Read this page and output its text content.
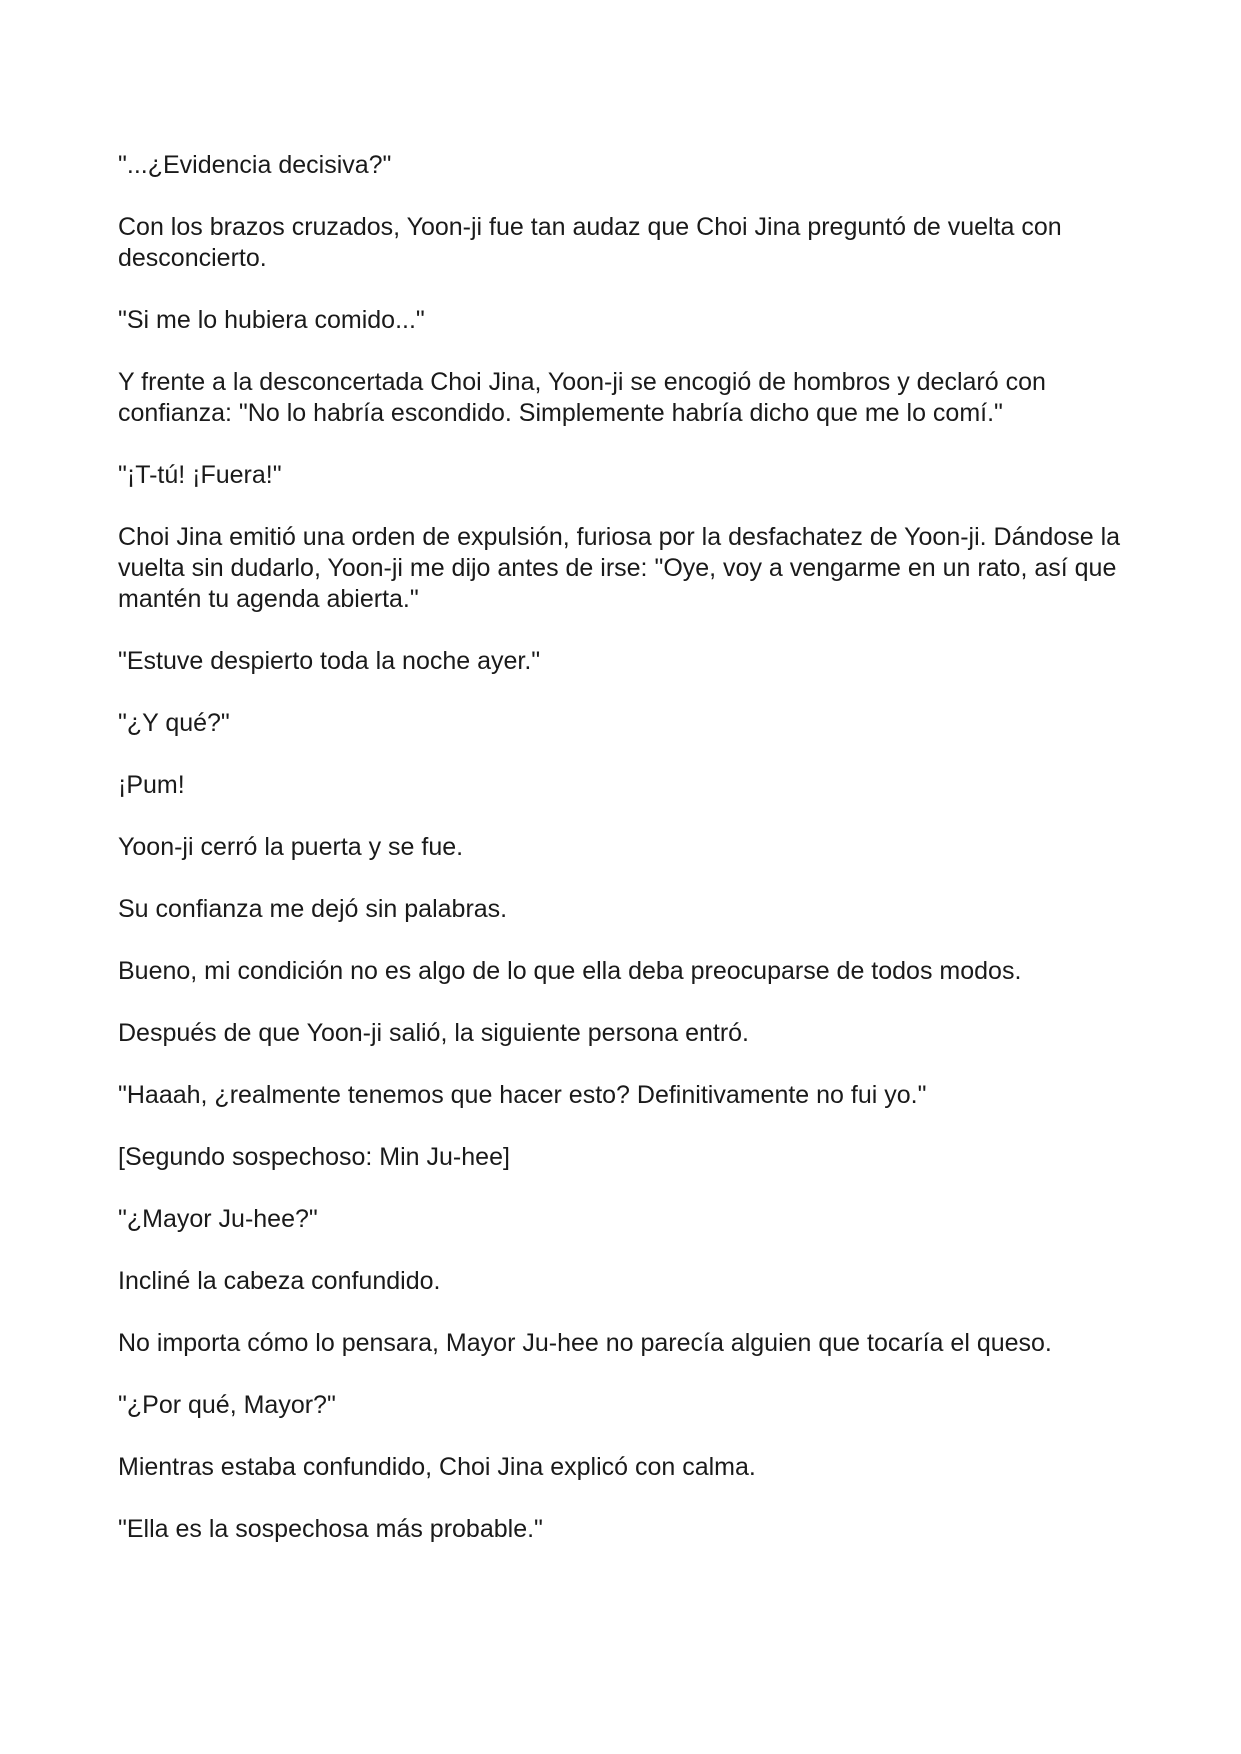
"...¿Evidencia decisiva?"

Con los brazos cruzados, Yoon-ji fue tan audaz que Choi Jina preguntó de vuelta con desconcierto.

"Si me lo hubiera comido..."

Y frente a la desconcertada Choi Jina, Yoon-ji se encogió de hombros y declaró con confianza: "No lo habría escondido. Simplemente habría dicho que me lo comí."

"¡T-tú! ¡Fuera!"

Choi Jina emitió una orden de expulsión, furiosa por la desfachatez de Yoon-ji. Dándose la vuelta sin dudarlo, Yoon-ji me dijo antes de irse: "Oye, voy a vengarme en un rato, así que mantén tu agenda abierta."

"Estuve despierto toda la noche ayer."

"¿Y qué?"

¡Pum!

Yoon-ji cerró la puerta y se fue.

Su confianza me dejó sin palabras.

Bueno, mi condición no es algo de lo que ella deba preocuparse de todos modos.

Después de que Yoon-ji salió, la siguiente persona entró.

"Haaah, ¿realmente tenemos que hacer esto? Definitivamente no fui yo."

[Segundo sospechoso: Min Ju-hee]

"¿Mayor Ju-hee?"

Incliné la cabeza confundido.

No importa cómo lo pensara, Mayor Ju-hee no parecía alguien que tocaría el queso.

"¿Por qué, Mayor?"

Mientras estaba confundido, Choi Jina explicó con calma.

"Ella es la sospechosa más probable."
